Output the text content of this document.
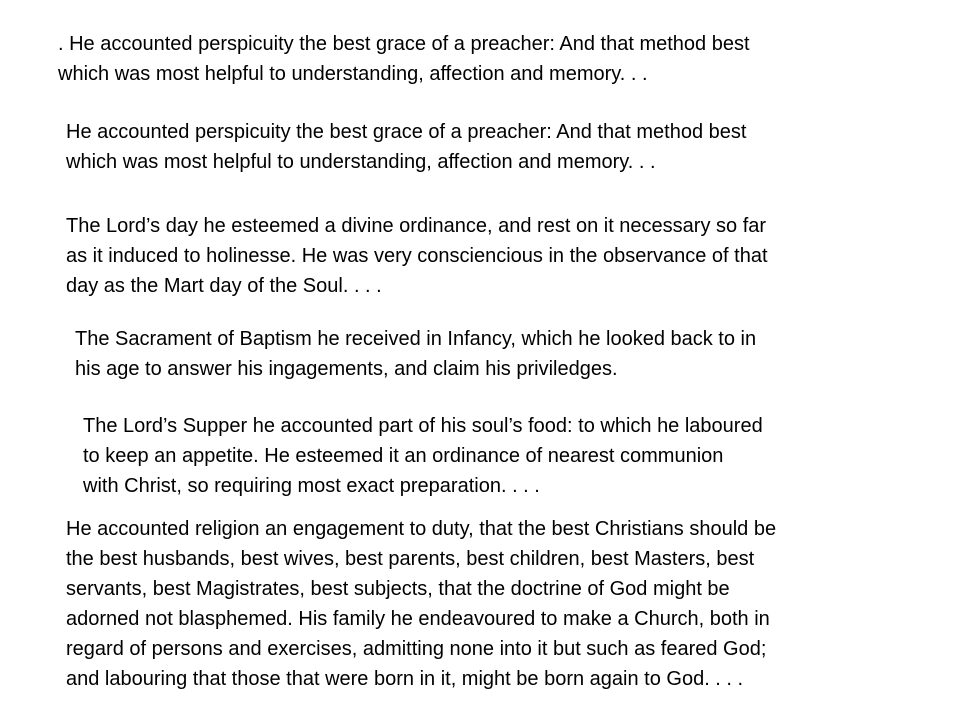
. He accounted perspicuity the best grace of a preacher: And that method best
which was most helpful to understanding, affection and memory. . .

He accounted perspicuity the best grace of a preacher: And that method best
which was most helpful to understanding, affection and memory. . .

The Lord’s day he esteemed a divine ordinance, and rest on it necessary so far
as it induced to holinesse. He was very consciencious in the observance of that
day as the Mart day of the Soul. . . .

The Sacrament of Baptism he received in Infancy, which he looked back to in
his age to answer his ingagements, and claim his priviledges.

The Lord’s Supper he accounted part of his soul’s food: to which he laboured
to keep an appetite. He esteemed it an ordinance of nearest communion
with Christ, so requiring most exact preparation. . . .

He accounted religion an engagement to duty, that the best Christians should be
the best husbands, best wives, best parents, best children, best Masters, best
servants, best Magistrates, best subjects, that the doctrine of God might be
adorned not blasphemed. His family he endeavoured to make a Church, both in
regard of persons and exercises, admitting none into it but such as feared God;
and labouring that those that were born in it, might be born again to God. . . .
